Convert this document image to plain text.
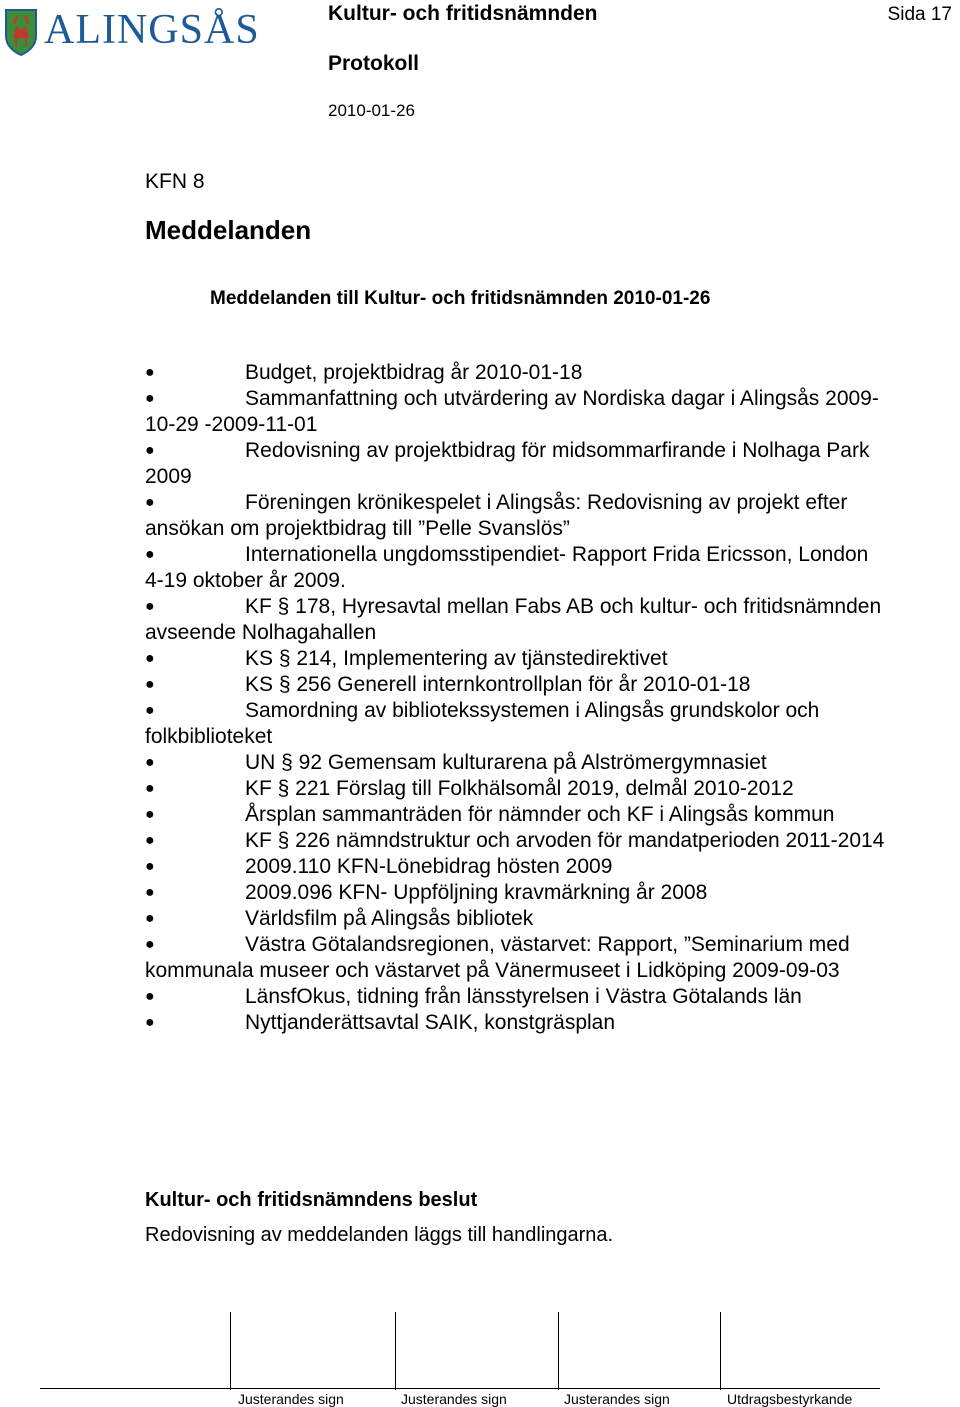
ALINGSÅS	Kultur- och fritidsnämnden
Protokoll
2010-01-26
Sida 17
KFN 8
Meddelanden
Meddelanden till Kultur- och fritidsnämnden 2010-01-26
●	Budget, projektbidrag år 2010-01-18
●	Sammanfattning och utvärdering av Nordiska dagar i Alingsås 2009-10-29 -2009-11-01
●	Redovisning av projektbidrag för midsommarfirande i Nolhaga Park 2009
●	Föreningen krönikespelet i Alingsås: Redovisning av projekt efter ansökan om projektbidrag till ”Pelle Svanslös”
●	Internationella ungdomsstipendiet- Rapport Frida Ericsson, London 4-19 oktober år 2009.
●	KF § 178, Hyresavtal mellan Fabs AB och kultur- och fritidsnämnden avseende Nolhagahallen
●	KS § 214, Implementering av tjänstedirektivet
●	KS § 256 Generell internkontrollplan för år 2010-01-18
●	Samordning av bibliotekssystemen i Alingsås grundskolor och folkbiblioteket
●	UN § 92 Gemensam kulturarena på Alströmergymnasiet
●	KF § 221 Förslag till Folkhälsomål 2019, delmål 2010-2012
●	Årsplan sammanträden för nämnder och KF i Alingsås kommun
●	KF § 226 nämndstruktur och arvoden för mandatperioden 2011-2014
●	2009.110 KFN-Lönebidrag hösten 2009
●	2009.096 KFN- Uppföljning kravmärkning år 2008
●	Världsfilm på Alingsås bibliotek
●	Västra Götalandsregionen, västarvet: Rapport, ”Seminarium med kommunala museer och västarvet på Vänermuseet i Lidköping 2009-09-03
●	LänsfOkus, tidning från länsstyrelsen i Västra Götalands län
●	Nyttjanderättsavtal SAIK, konstgräsplan
Kultur- och fritidsnämndens beslut
Redovisning av meddelanden läggs till handlingarna.
Justerandes sign	Justerandes sign	Justerandes sign	Utdragsbestyrkande
